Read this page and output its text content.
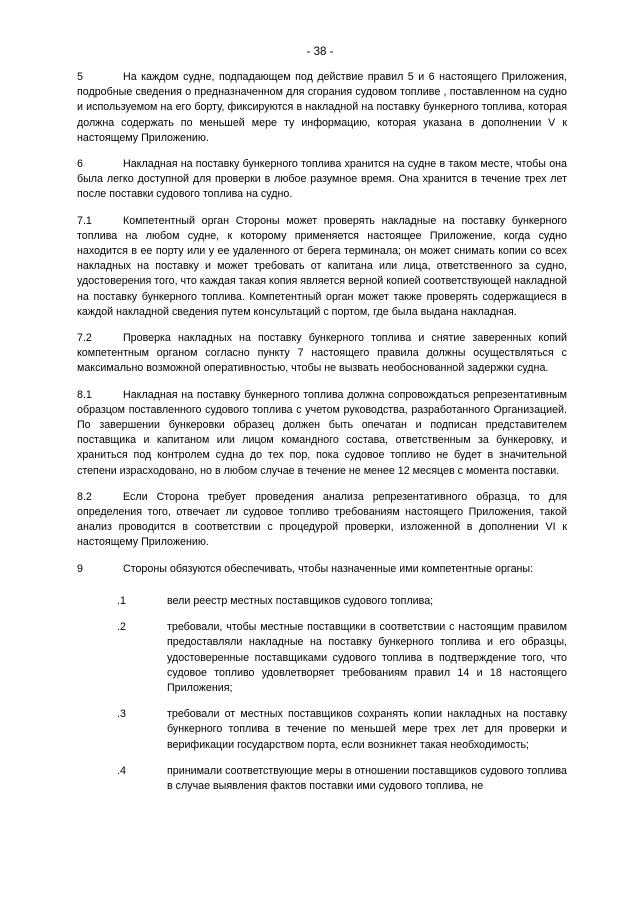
- 38 -

5	На каждом судне, подпадающем под действие правил 5 и 6 настоящего Приложения, подробные сведения о предназначенном для сгорания судовом топливе , поставленном на судно и используемом на его борту, фиксируются в накладной на поставку бункерного топлива, которая должна содержать по меньшей мере ту информацию, которая указана в дополнении V к настоящему Приложению.

6	Накладная на поставку бункерного топлива хранится на судне в таком месте, чтобы она была легко доступной для проверки в любое разумное время. Она хранится в течение трех лет после поставки судового топлива на судно.

7.1	Компетентный орган Стороны может проверять накладные на поставку бункерного топлива на любом судне, к которому применяется настоящее Приложение, когда судно находится в ее порту или у ее удаленного от берега терминала; он может снимать копии со всех накладных на поставку и может требовать от капитана или лица, ответственного за судно, удостоверения того, что каждая такая копия является верной копией соответствующей накладной на поставку бункерного топлива. Компетентный орган может также проверять содержащиеся в каждой накладной сведения путем консультаций с портом, где была выдана накладная.

7.2	Проверка накладных на поставку бункерного топлива и снятие заверенных копий компетентным органом согласно пункту 7 настоящего правила должны осуществляться с максимально возможной оперативностью, чтобы не вызвать необоснованной задержки судна.

8.1	Накладная на поставку бункерного топлива должна сопровождаться репрезентативным образцом поставленного судового топлива с учетом руководства, разработанного Организацией. По завершении бункеровки образец должен быть опечатан и подписан представителем поставщика и капитаном или лицом командного состава, ответственным за бункеровку, и храниться под контролем судна до тех пор, пока судовое топливо не будет в значительной степени израсходовано, но в любом случае в течение не менее 12 месяцев с момента поставки.

8.2	Если Сторона требует проведения анализа репрезентативного образца, то для определения того, отвечает ли судовое топливо требованиям настоящего Приложения, такой анализ проводится в соответствии с процедурой проверки, изложенной в дополнении VI к настоящему Приложению.

9	Стороны обязуются обеспечивать, чтобы назначенные ими компетентные органы:

.1	вели реестр местных поставщиков судового топлива;
.2	требовали, чтобы местные поставщики в соответствии с настоящим правилом предоставляли накладные на поставку бункерного топлива и его образцы, удостоверенные поставщиками судового топлива в подтверждение того, что судовое топливо удовлетворяет требованиям правил 14 и 18 настоящего Приложения;
.3	требовали от местных поставщиков сохранять копии накладных на поставку бункерного топлива в течение по меньшей мере трех лет для проверки и верификации государством порта, если возникнет такая необходимость;
.4	принимали соответствующие меры в отношении поставщиков судового топлива в случае выявления фактов поставки ими судового топлива, не
